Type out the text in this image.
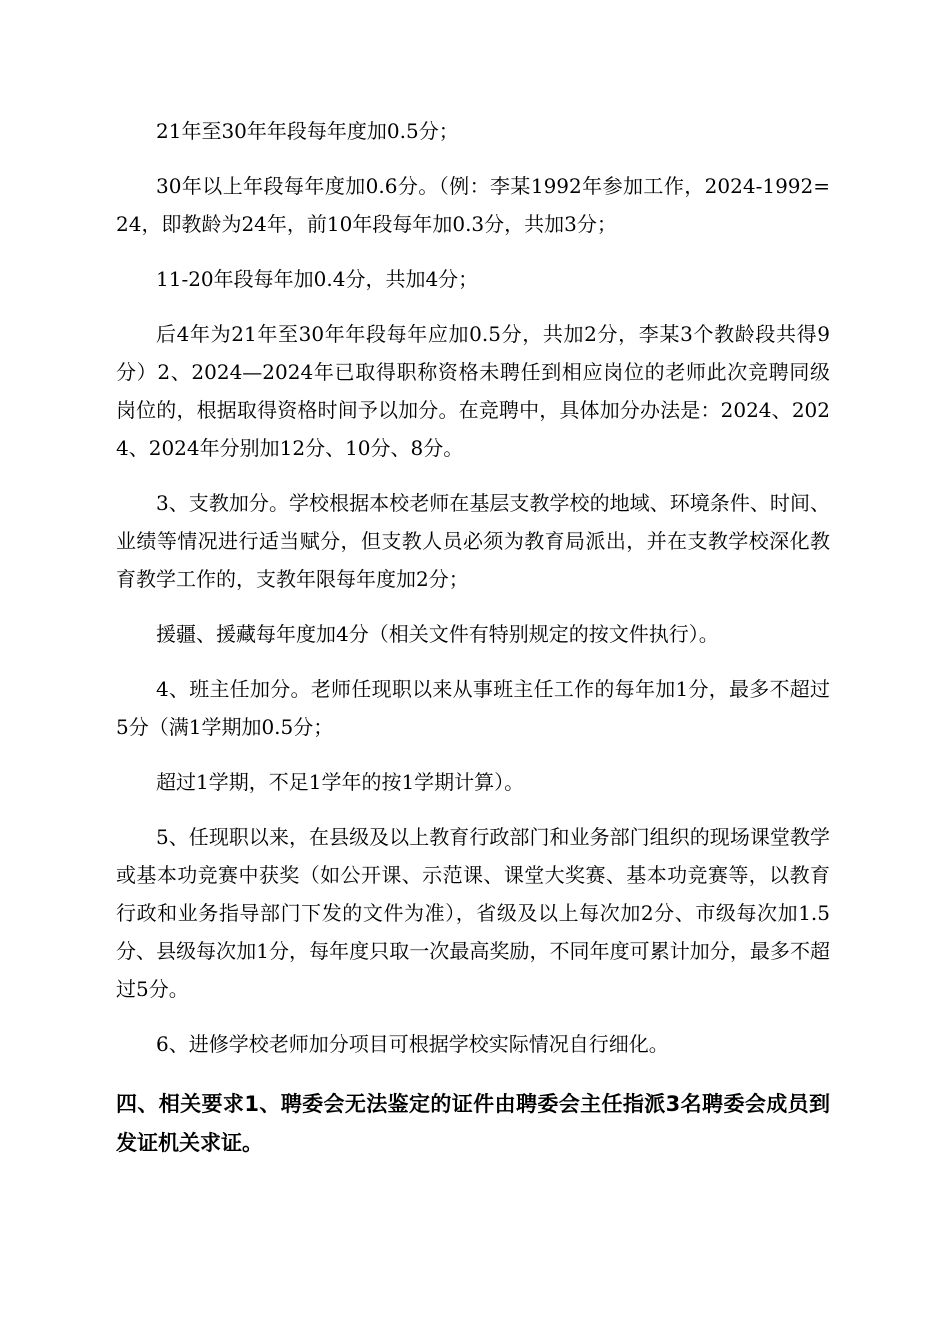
21年至30年年段每年度加0.5分；

30年以上年段每年度加0.6分。（例：李某1992年参加工作，2024-1992=24，即教龄为24年，前10年段每年加0.3分，共加3分；

11-20年段每年加0.4分，共加4分；

后4年为21年至30年年段每年应加0.5分，共加2分，李某3个教龄段共得9分）2、2024—2024年已取得职称资格未聘任到相应岗位的老师此次竞聘同级岗位的，根据取得资格时间予以加分。在竞聘中，具体加分办法是：2024、2024、2024年分别加12分、10分、8分。

3、支教加分。学校根据本校老师在基层支教学校的地域、环境条件、时间、业绩等情况进行适当赋分，但支教人员必须为教育局派出，并在支教学校深化教育教学工作的，支教年限每年度加2分；

援疆、援藏每年度加4分（相关文件有特别规定的按文件执行）。

4、班主任加分。老师任现职以来从事班主任工作的每年加1分，最多不超过5分（满1学期加0.5分；

超过1学期，不足1学年的按1学期计算）。

5、任现职以来，在县级及以上教育行政部门和业务部门组织的现场课堂教学或基本功竞赛中获奖（如公开课、示范课、课堂大奖赛、基本功竞赛等，以教育行政和业务指导部门下发的文件为准），省级及以上每次加2分、市级每次加1.5分、县级每次加1分，每年度只取一次最高奖励，不同年度可累计加分，最多不超过5分。

6、进修学校老师加分项目可根据学校实际情况自行细化。

四、相关要求1、聘委会无法鉴定的证件由聘委会主任指派3名聘委会成员到发证机关求证。
